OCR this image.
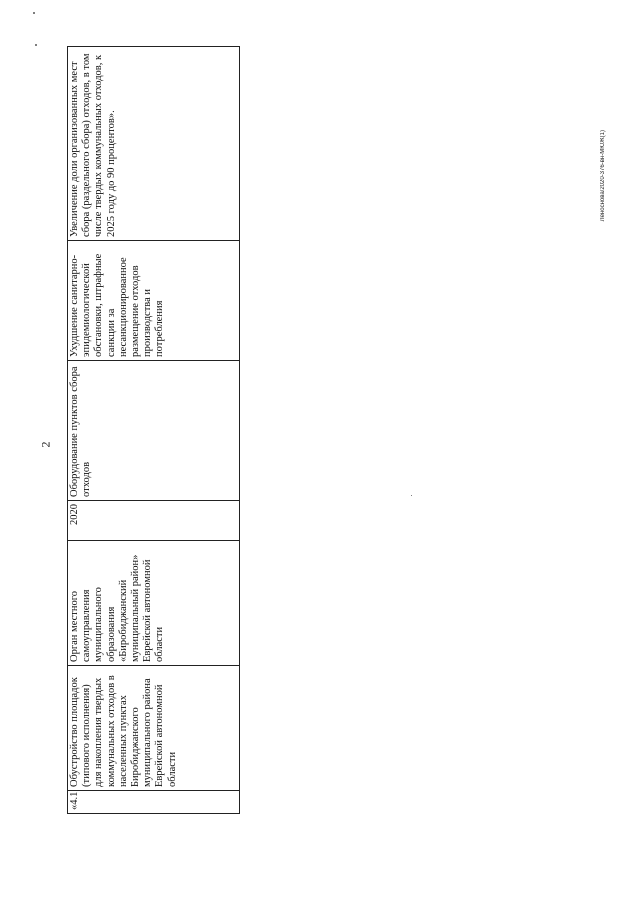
2
Леноснова/2020-376-вн-МЮЖ(1)
«4.1	Обустройство площадок (типового исполнения) для накопления твердых коммунальных отходов в населенных пунктах Биробиджанского муниципального района Еврейской автономной области	Орган местного самоуправления муниципального образования «Биробиджанский муниципальный район» Еврейской автономной области	2020	Оборудование пунктов сбора отходов	Ухудшение санитарно-эпидемиологической обстановки, штрафные санкции за несанкционированное размещение отходов производства и потребления	Увеличение доли организованных мест сбора (раздельного сбора) отходов, в том числе твердых коммунальных отходов, к 2025 году до 90 процентов».
